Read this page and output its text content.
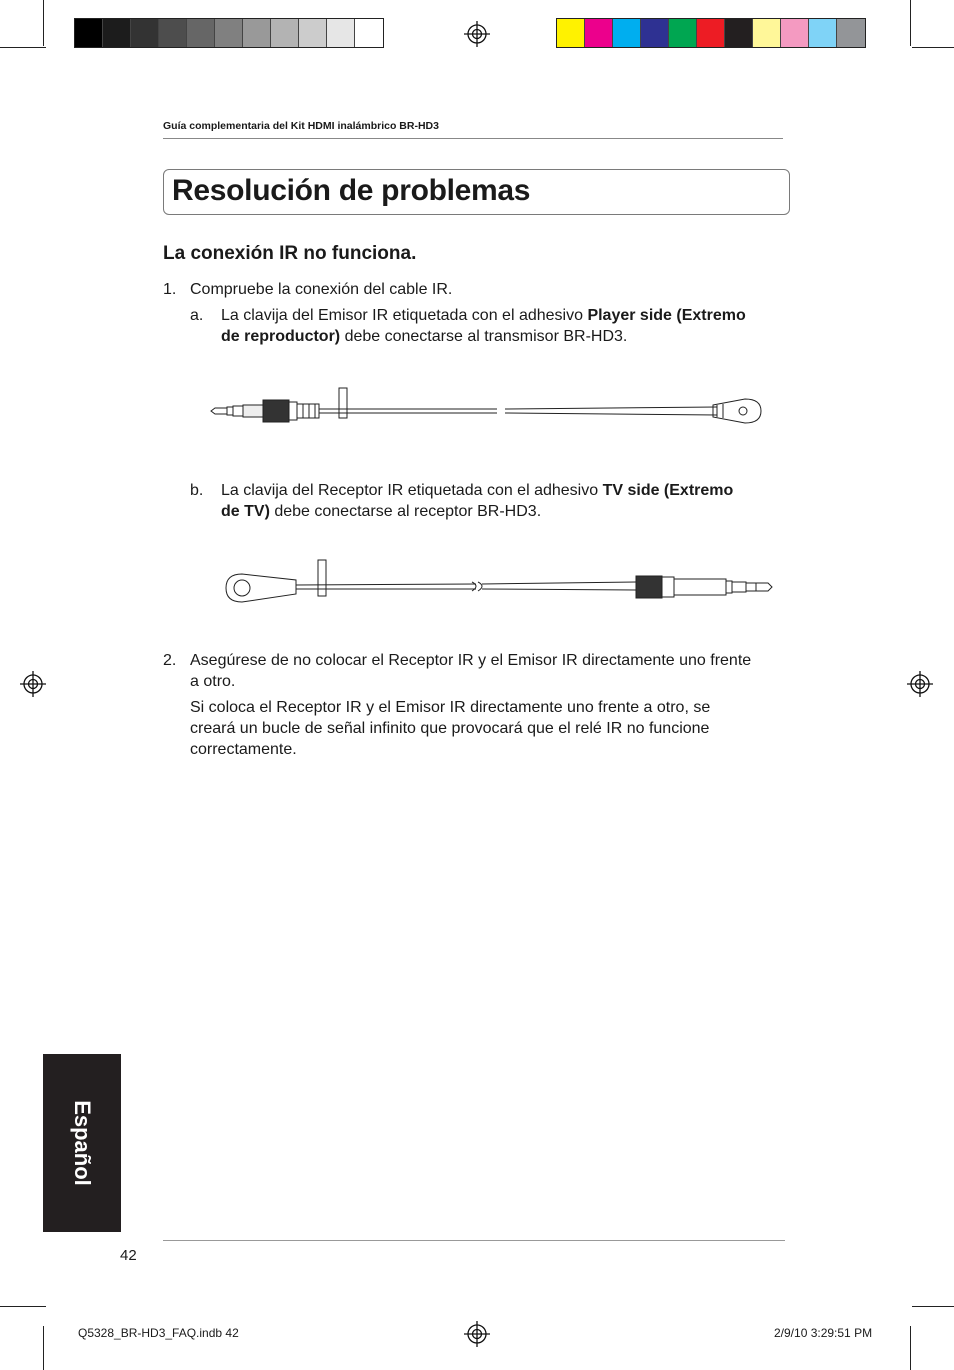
Guía complementaria del Kit HDMI inalámbrico BR-HD3
Resolución de problemas
La conexión IR no funciona.
1. Compruebe la conexión del cable IR.
a. La clavija del Emisor IR etiquetada con el adhesivo Player side (Extremo
de reproductor) debe conectarse al transmisor BR-HD3.
b. La clavija del Receptor IR etiquetada con el adhesivo TV side (Extremo
de TV) debe conectarse al receptor BR-HD3.
2. Asegúrese de no colocar el Receptor IR y el Emisor IR directamente uno frente
a otro.
Si coloca el Receptor IR y el Emisor IR directamente uno frente a otro, se
creará un bucle de señal infinito que provocará que el relé IR no funcione
correctamente.
Español
42
Q5328_BR-HD3_FAQ.indb 42	2/9/10 3:29:51 PM
